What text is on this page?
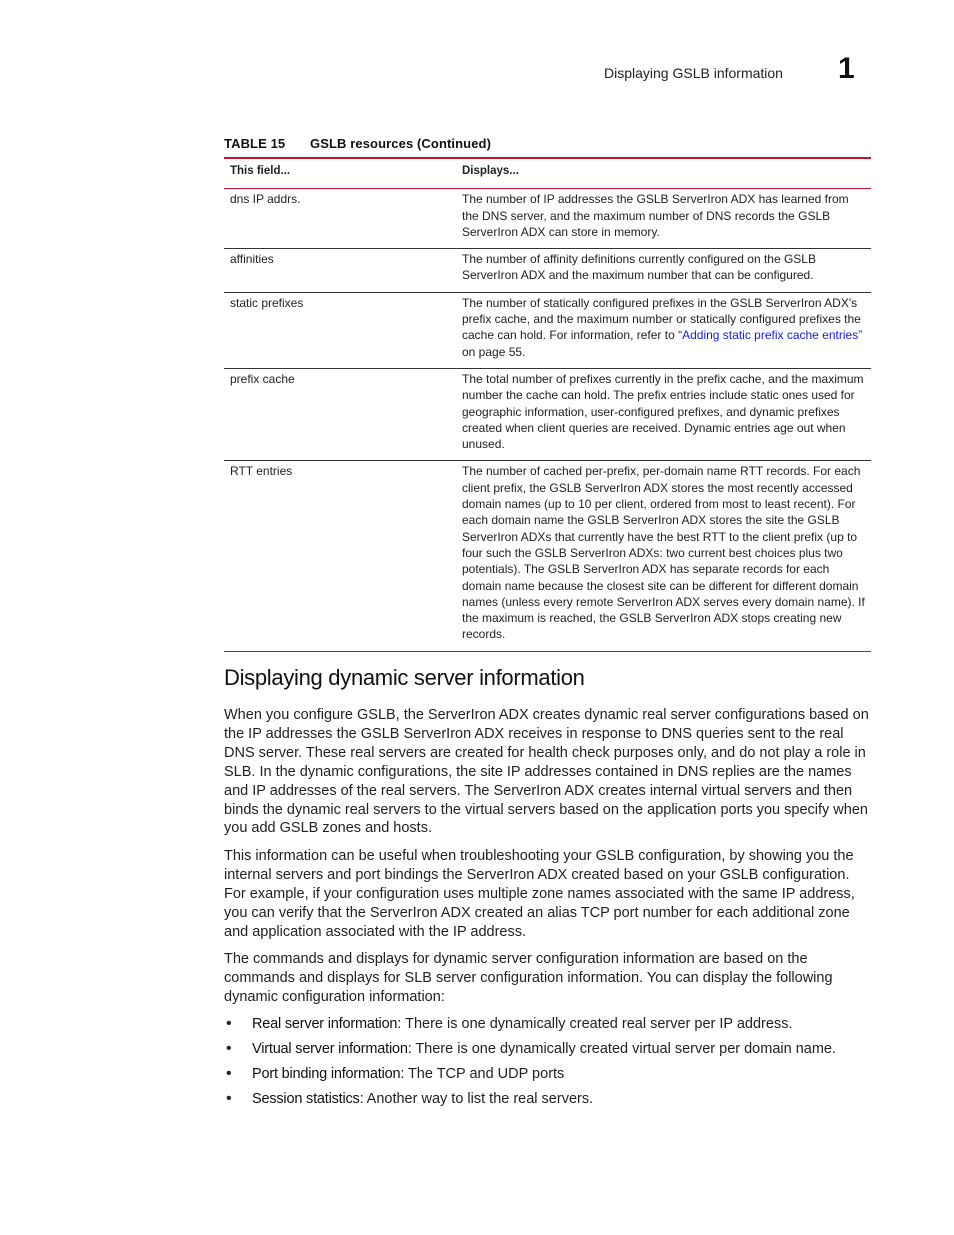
Displaying GSLB information 1
TABLE 15 GSLB resources (Continued)
This field...	Displays...
dns IP addrs.	The number of IP addresses the GSLB ServerIron ADX has learned from the DNS server, and the maximum number of DNS records the GSLB ServerIron ADX can store in memory.
affinities	The number of affinity definitions currently configured on the GSLB ServerIron ADX and the maximum number that can be configured.
static prefixes	The number of statically configured prefixes in the GSLB ServerIron ADX's prefix cache, and the maximum number or statically configured prefixes the cache can hold. For information, refer to “Adding static prefix cache entries” on page 55.
prefix cache	The total number of prefixes currently in the prefix cache, and the maximum number the cache can hold. The prefix entries include static ones used for geographic information, user-configured prefixes, and dynamic prefixes created when client queries are received. Dynamic entries age out when unused.
RTT entries	The number of cached per-prefix, per-domain name RTT records. For each client prefix, the GSLB ServerIron ADX stores the most recently accessed domain names (up to 10 per client, ordered from most to least recent). For each domain name the GSLB ServerIron ADX stores the site the GSLB ServerIron ADXs that currently have the best RTT to the client prefix (up to four such the GSLB ServerIron ADXs: two current best choices plus two potentials). The GSLB ServerIron ADX has separate records for each domain name because the closest site can be different for different domain names (unless every remote ServerIron ADX serves every domain name). If the maximum is reached, the GSLB ServerIron ADX stops creating new records.
Displaying dynamic server information

When you configure GSLB, the ServerIron ADX creates dynamic real server configurations based on the IP addresses the GSLB ServerIron ADX receives in response to DNS queries sent to the real DNS server. These real servers are created for health check purposes only, and do not play a role in SLB. In the dynamic configurations, the site IP addresses contained in DNS replies are the names and IP addresses of the real servers. The ServerIron ADX creates internal virtual servers and then binds the dynamic real servers to the virtual servers based on the application ports you specify when you add GSLB zones and hosts.

This information can be useful when troubleshooting your GSLB configuration, by showing you the internal servers and port bindings the ServerIron ADX created based on your GSLB configuration. For example, if your configuration uses multiple zone names associated with the same IP address, you can verify that the ServerIron ADX created an alias TCP port number for each additional zone and application associated with the IP address.

The commands and displays for dynamic server configuration information are based on the commands and displays for SLB server configuration information. You can display the following dynamic configuration information:

• Real server information: There is one dynamically created real server per IP address.
• Virtual server information: There is one dynamically created virtual server per domain name.
• Port binding information: The TCP and UDP ports
• Session statistics: Another way to list the real servers.
